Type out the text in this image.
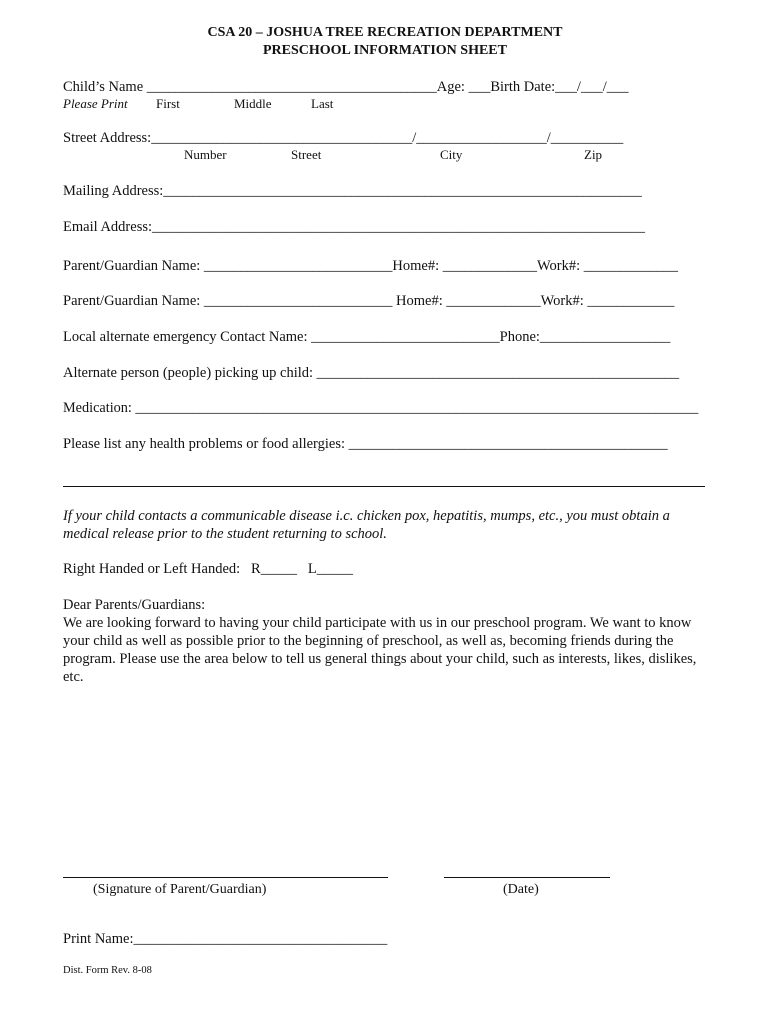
CSA 20 – JOSHUA TREE RECREATION DEPARTMENT

PRESCHOOL INFORMATION SHEET

Child’s Name ________________________________________Age: ___Birth Date:___/___/___

Please Print First	Middle	Last

Street Address:____________________________________/__________________/__________

Number	Street	City	Zip

Mailing Address:__________________________________________________________________

Email Address:____________________________________________________________________

Parent/Guardian Name: __________________________Home#: _____________Work#: _____________

Parent/Guardian Name: __________________________ Home#: _____________Work#: ____________

Local alternate emergency Contact Name: __________________________Phone:__________________

Alternate person (people) picking up child: __________________________________________________

Medication: _______________________________________________________________________________

Please list any health problems or food allergies: ____________________________________________

If your child contacts a communicable disease i.c. chicken pox, hepatitis, mumps, etc., you must obtain a medical release prior to the student returning to school.

Right Handed or Left Handed:   R_____   L_____

Dear Parents/Guardians:

We are looking forward to having your child participate with us in our preschool program. We want to know your child as well as possible prior to the beginning of preschool, as well as, becoming friends during the program. Please use the area below to tell us general things about your child, such as interests, likes, dislikes, etc.

(Signature of Parent/Guardian)	(Date)

Print Name:___________________________________

Dist. Form Rev. 8-08
